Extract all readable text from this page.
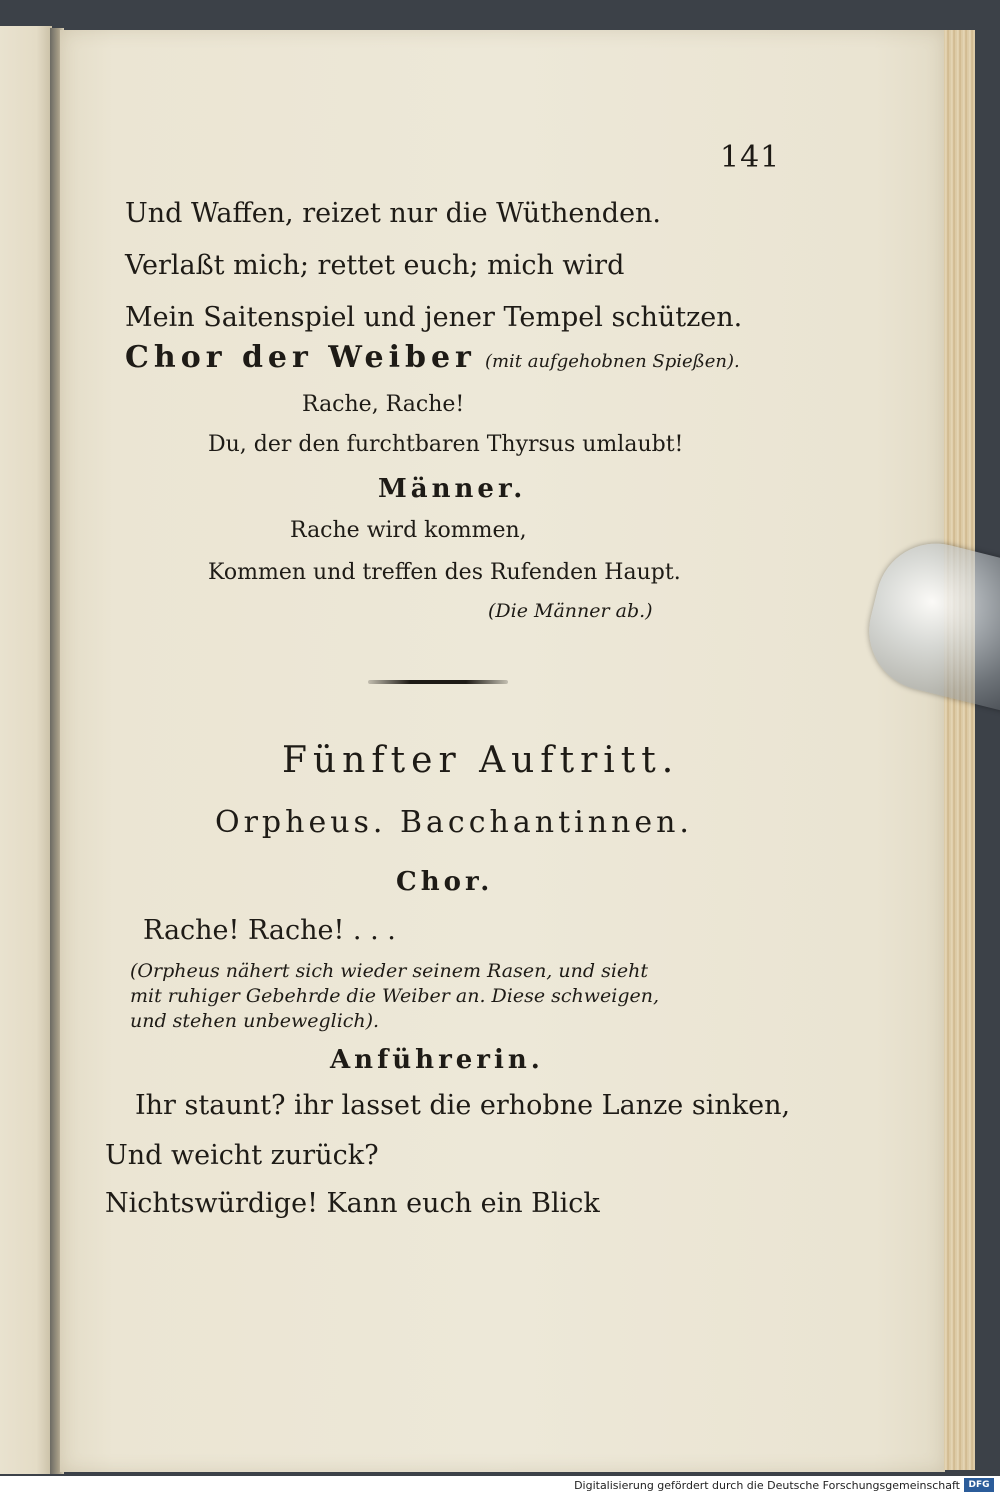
141
Und Waffen, reizet nur die Wüthenden.
Verlaßt mich; rettet euch; mich wird
Mein Saitenspiel und jener Tempel schützen.
Chor der Weiber (mit aufgehobnen Spießen).
Rache, Rache!
Du, der den furchtbaren Thyrsus umlaubt!
Männer.
Rache wird kommen,
Kommen und treffen des Rufenden Haupt.
(Die Männer ab.)
Fünfter Auftritt.
Orpheus. Bacchantinnen.
Chor.
Rache! Rache! . . .
(Orpheus nähert sich wieder seinem Rasen, und sieht
mit ruhiger Gebehrde die Weiber an. Diese schweigen,
und stehen unbeweglich).
Anführerin.
Ihr staunt? ihr lasset die erhobne Lanze sinken,
Und weicht zurück?
Nichtswürdige! Kann euch ein Blick
Digitalisierung gefördert durch die Deutsche Forschungsgemeinschaft DFG
